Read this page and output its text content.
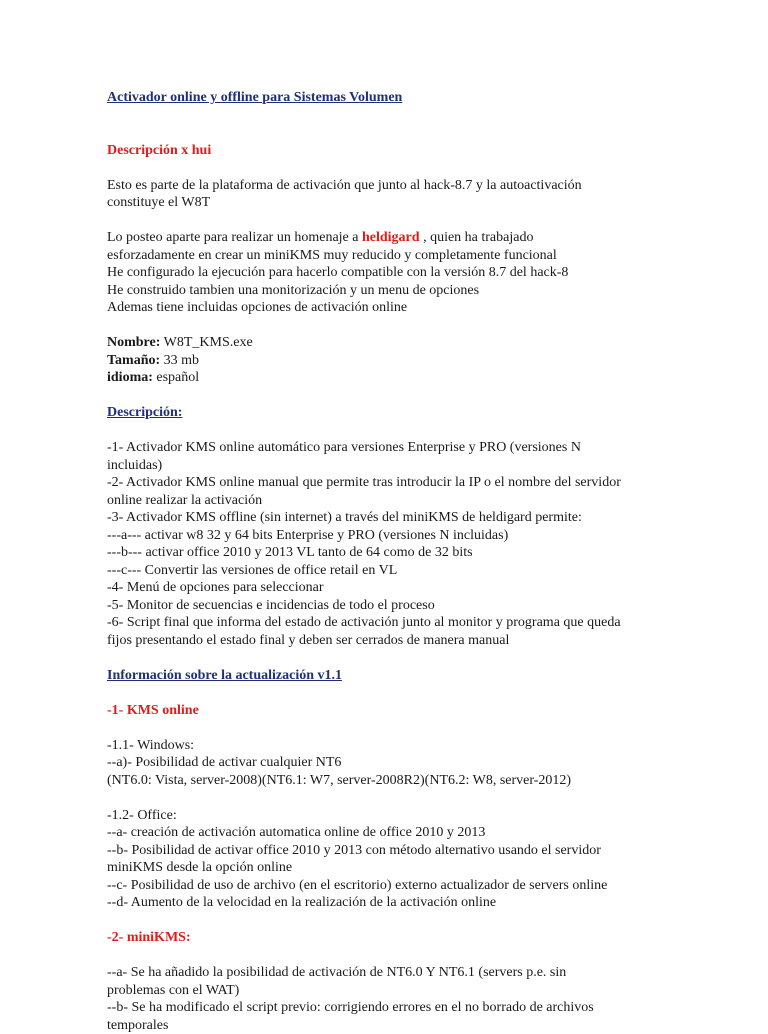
Activador online y offline para Sistemas Volumen

Descripción x hui

Esto es parte de la plataforma de activación que junto al hack-8.7 y la autoactivación
constituye el W8T

Lo posteo aparte para realizar un homenaje a heldigard , quien ha trabajado
esforzadamente en crear un miniKMS muy reducido y completamente funcional
He configurado la ejecución para hacerlo compatible con la versión 8.7 del hack-8
He construido tambien una monitorización y un menu de opciones
Ademas tiene incluidas opciones de activación online

Nombre: W8T_KMS.exe
Tamaño: 33 mb
idioma: español

Descripción:

-1- Activador KMS online automático para versiones Enterprise y PRO (versiones N
incluidas)
-2- Activador KMS online manual que permite tras introducir la IP o el nombre del servidor
online realizar la activación
-3- Activador KMS offline (sin internet) a través del miniKMS de heldigard permite:
---a--- activar w8 32 y 64 bits Enterprise y PRO (versiones N incluidas)
---b--- activar office 2010 y 2013 VL tanto de 64 como de 32 bits
---c--- Convertir las versiones de office retail en VL
-4- Menú de opciones para seleccionar
-5- Monitor de secuencias e incidencias de todo el proceso
-6- Script final que informa del estado de activación junto al monitor y programa que queda
fijos presentando el estado final y deben ser cerrados de manera manual

Información sobre la actualización v1.1

-1- KMS online

-1.1- Windows:
--a)- Posibilidad de activar cualquier NT6
(NT6.0: Vista, server-2008)(NT6.1: W7, server-2008R2)(NT6.2: W8, server-2012)

-1.2- Office:
--a- creación de activación automatica online de office 2010 y 2013
--b- Posibilidad de activar office 2010 y 2013 con método alternativo usando el servidor
miniKMS desde la opción online
--c- Posibilidad de uso de archivo (en el escritorio) externo actualizador de servers online
--d- Aumento de la velocidad en la realización de la activación online

-2- miniKMS:

--a- Se ha añadido la posibilidad de activación de NT6.0 Y NT6.1 (servers p.e. sin
problemas con el WAT)
--b- Se ha modificado el script previo: corrigiendo errores en el no borrado de archivos
temporales
